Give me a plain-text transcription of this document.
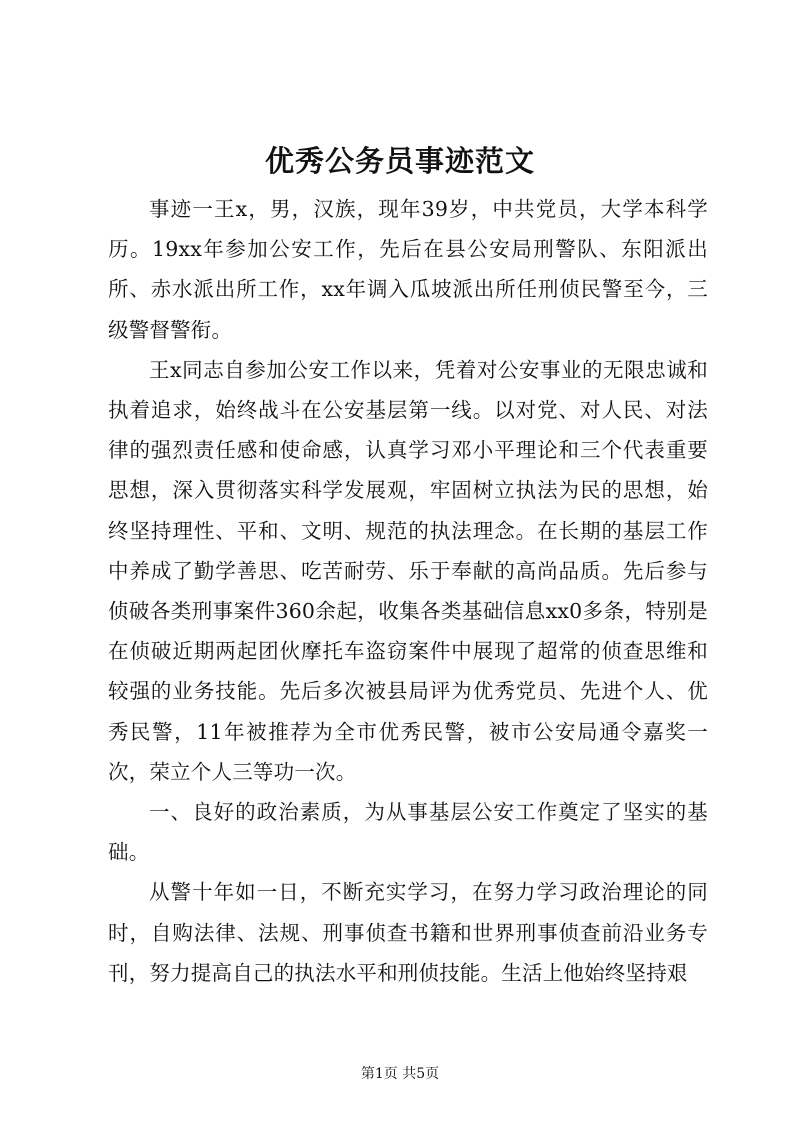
优秀公务员事迹范文

事迹一王x，男，汉族，现年39岁，中共党员，大学本科学历。19xx年参加公安工作，先后在县公安局刑警队、东阳派出所、赤水派出所工作，xx年调入瓜坡派出所任刑侦民警至今，三级警督警衔。

王x同志自参加公安工作以来，凭着对公安事业的无限忠诚和执着追求，始终战斗在公安基层第一线。以对党、对人民、对法律的强烈责任感和使命感，认真学习邓小平理论和三个代表重要思想，深入贯彻落实科学发展观，牢固树立执法为民的思想，始终坚持理性、平和、文明、规范的执法理念。在长期的基层工作中养成了勤学善思、吃苦耐劳、乐于奉献的高尚品质。先后参与侦破各类刑事案件360余起，收集各类基础信息xx0多条，特别是在侦破近期两起团伙摩托车盗窃案件中展现了超常的侦查思维和较强的业务技能。先后多次被县局评为优秀党员、先进个人、优秀民警，11年被推荐为全市优秀民警，被市公安局通令嘉奖一次，荣立个人三等功一次。

一、良好的政治素质，为从事基层公安工作奠定了坚实的基础。

从警十年如一日，不断充实学习，在努力学习政治理论的同时，自购法律、法规、刑事侦查书籍和世界刑事侦查前沿业务专刊，努力提高自己的执法水平和刑侦技能。生活上他始终坚持艰

第1页 共5页
